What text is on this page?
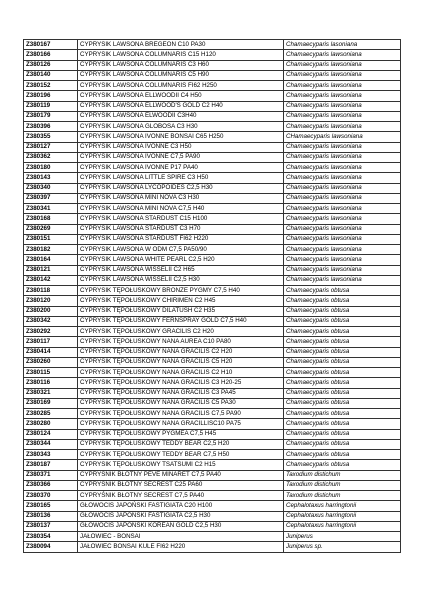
Z380167	CYPRYSIK LAWSONA BREGEON C10 PA30	Chamaecyparis lasoniana
Z380166	CYPRYSIK LAWSONA COLUMNARIS C15 H120	Chamaecyparis lawsoniana
Z380126	CYPRYSIK LAWSONA COLUMNARIS C3 H60	Chamaecyparis lawsoniana
Z380140	CYPRYSIK LAWSONA COLUMNARIS C5 H90	Chamaecyparis lawsoniana
Z380152	CYPRYSIK LAWSONA COLUMNARIS FI62 H250	Chamaecyparis lawsoniana
Z380196	CYPRYSIK LAWSONA ELLWOODII C4 H50	Chamaecyparis lawsoniana
Z380119	CYPRYSIK LAWSONA ELLWOOD'S GOLD C2 H40	Chamaecyparis lawsoniana
Z380179	CYPRYSIK LAWSONA ELWOODII C3H40	Chamaecyparis lawsoniana
Z380396	CYPRYSIK LAWSONA GLOBOSA C3 H30	Chamaecyparis lawsoniana
Z380355	CYPRYSIK LAWSONA IVONNE BONSAI C65 H250	CHamaecyparis lawsoniana
Z380127	CYPRYSIK LAWSONA IVONNE C3 H50	Chamaecyparis lawsoniana
Z380362	CYPRYSIK LAWSONA IVONNE C7,5 PA90	Chamaecyparis lawsoniana
Z380180	CYPRYSIK LAWSONA IVONNE P17 PA40	Chamaecyparis lawsoniana
Z380143	CYPRYSIK LAWSONA LITTLE SPIRE C3 H50	Chamaecyparis lawsoniana
Z380340	CYPRYSIK LAWSONA LYCOPOIDES C2,5 H30	Chamaecyparis lawsoniana
Z380397	CYPRYSIK LAWSONA MINI NOVA C3 H30	Chamaecyparis lawsoniana
Z380341	CYPRYSIK LAWSONA MINI NOVA C7,5 H40	Chamaecyparis lawsoniana
Z380168	CYPRYSIK LAWSONA STARDUST C15 H100	Chamaecyparis lawsoniana
Z380269	CYPRYSIK LAWSONA STARDUST C3 H70	Chamaecyparis lawsoniana
Z380151	CYPRYSIK LAWSONA STARDUST FI62 H220	Chamaecyparis lawsoniana
Z380182	CYPRYSIK LAWSONA W ODM C7,5 PA50/90	Chamaecyparis lawsoniana
Z380164	CYPRYSIK LAWSONA WHITE PEARL C2,5 H20	Chamaecyparis lawsoniana
Z380121	CYPRYSIK LAWSONA WISSELII C2 H65	Chamaecyparis lawsoniana
Z380142	CYPRYSIK LAWSONA WISSELII C2,5 H30	Chamaecyparis lawsoniana
Z380118	CYPRYSIK TĘPOŁUSKOWY BRONZE PYGMY C7,5 H40	Chamaecyparis obtusa
Z380120	CYPRYSIK TĘPOŁUSKOWY CHIRIMEN C2 H45	Chamaecyparis obtusa
Z380200	CYPRYSIK TĘPOŁUSKOWY DILATUSH C2 H35	Chamaecyparis obtusa
Z380342	CYPRYSIK TĘPOŁUSKOWY FERNSPRAY GOLD C7,5 H40	Chamaecyparis obtusa
Z380292	CYPRYSIK TĘPOŁUSKOWY GRACILIS C2 H20	Chamaecyparis obtusa
Z380117	CYPRYSIK TĘPOŁUSKOWY NANA AUREA C10 PA80	Chamaecyparis obtusa
Z380414	CYPRYSIK TĘPOŁUSKOWY NANA GRACILIS C2 H20	Chamaecyparis obtusa
Z380260	CYPRYSIK TĘPOŁUSKOWY NANA GRACILIS C5 H20	Chamaecyparis obtusa
Z380115	CYPRYSIK TĘPOŁUSKOWY NANA GRACILIS C2 H10	Chamaecyparis obtusa
Z380116	CYPRYSIK TĘPOŁUSKOWY NANA GRACILIS C3 H20-25	Chamaecyparis obtusa
Z380321	CYPRYSIK TĘPOŁUSKOWY NANA GRACILIS C3 PA45	Chamaecyparis obtusa
Z380169	CYPRYSIK TĘPOŁUSKOWY NANA GRACILIS C5 PA30	Chamaecyparis obtusa
Z380285	CYPRYSIK TĘPOŁUSKOWY NANA GRACILIS C7,5 PA90	Chamaecyparis obtusa
Z380280	CYPRYSIK TĘPOŁUSKOWY NANA GRACILLISC10 PA75	Chamaecyparis obtusa
Z380124	CYPRYSIK TĘPOŁUSKOWY PYGMEA C7,5 H45	Chamaecyparis obtusa
Z380344	CYPRYSIK TĘPOŁUSKOWY TEDDY BEAR C2,5 H20	Chamaecyparis obtusa
Z380343	CYPRYSIK TĘPOŁUSKOWY TEDDY BEAR C7,5 H50	Chamaecyparis obtusa
Z380187	CYPRYSIK TĘPOŁUSKOWY TSATSUMI C2 H15	Chamaecyparis obtusa
Z380371	CYPRYŚNIK BŁOTNY PEVE MINARET C7,5 PA40	Taxodium distichum
Z380366	CYPRYŚNIK BŁOTNY SECREST C25 PA60	Taxodium distichum
Z380370	CYPRYŚNIK BŁOTNY SECREST C7,5 PA40	Taxodium distichum
Z380165	GŁOWOCIS JAPOŃSKI FASTIGIATA C20 H100	Cephalotaxus harringtonii
Z380136	GŁOWOCIS JAPOŃSKI FASTIGIATA C2,5 H30	Cephalotaxus harringtonii
Z380137	GŁOWOCIS JAPOŃSKI KOREAN GOLD C2,5 H30	Cephalotaxus harringtonii
Z380354	JAŁOWIEC - BONSAI	Juniperus
Z380094	JAŁOWIEC BONSAI KULE FI62 H220	Juniperus sp.
